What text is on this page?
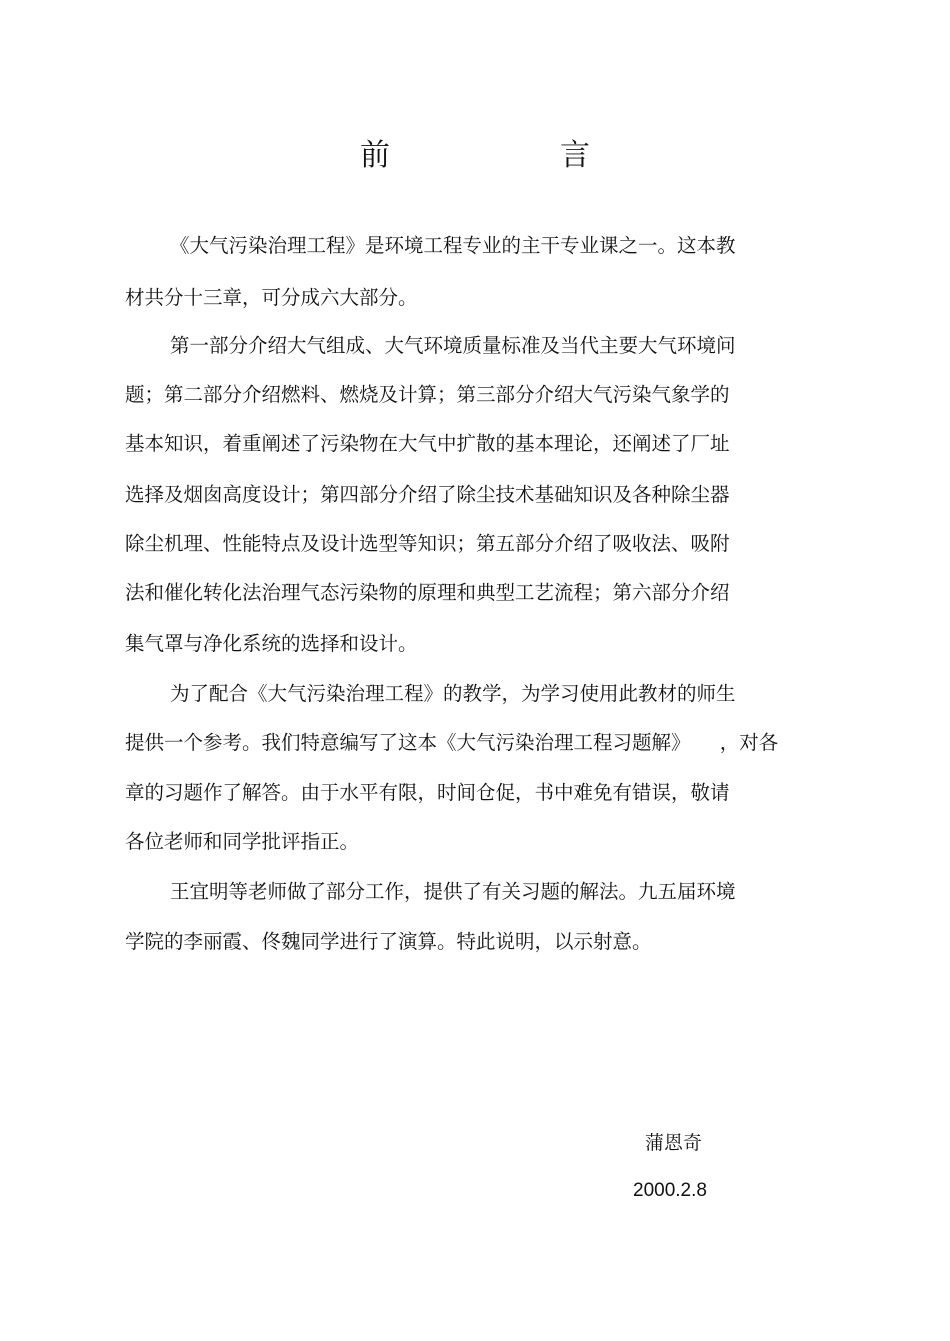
前　言

《大气污染治理工程》是环境工程专业的主干专业课之一。这本教

材共分十三章，可分成六大部分。

第一部分介绍大气组成、大气环境质量标准及当代主要大气环境问

题；第二部分介绍燃料、燃烧及计算；第三部分介绍大气污染气象学的

基本知识，着重阐述了污染物在大气中扩散的基本理论，还阐述了厂址

选择及烟囱高度设计；第四部分介绍了除尘技术基础知识及各种除尘器

除尘机理、性能特点及设计选型等知识；第五部分介绍了吸收法、吸附

法和催化转化法治理气态污染物的原理和典型工艺流程；第六部分介绍

集气罩与净化系统的选择和设计。

为了配合《大气污染治理工程》的教学，为学习使用此教材的师生

提供一个参考。我们特意编写了这本《大气污染治理工程习题解》　　，对各

章的习题作了解答。由于水平有限，时间仓促，书中难免有错误，敬请

各位老师和同学批评指正。

王宜明等老师做了部分工作，提供了有关习题的解法。九五届环境

学院的李丽霞、佟魏同学进行了演算。特此说明，以示射意。

蒲恩奇

2000.2.8
